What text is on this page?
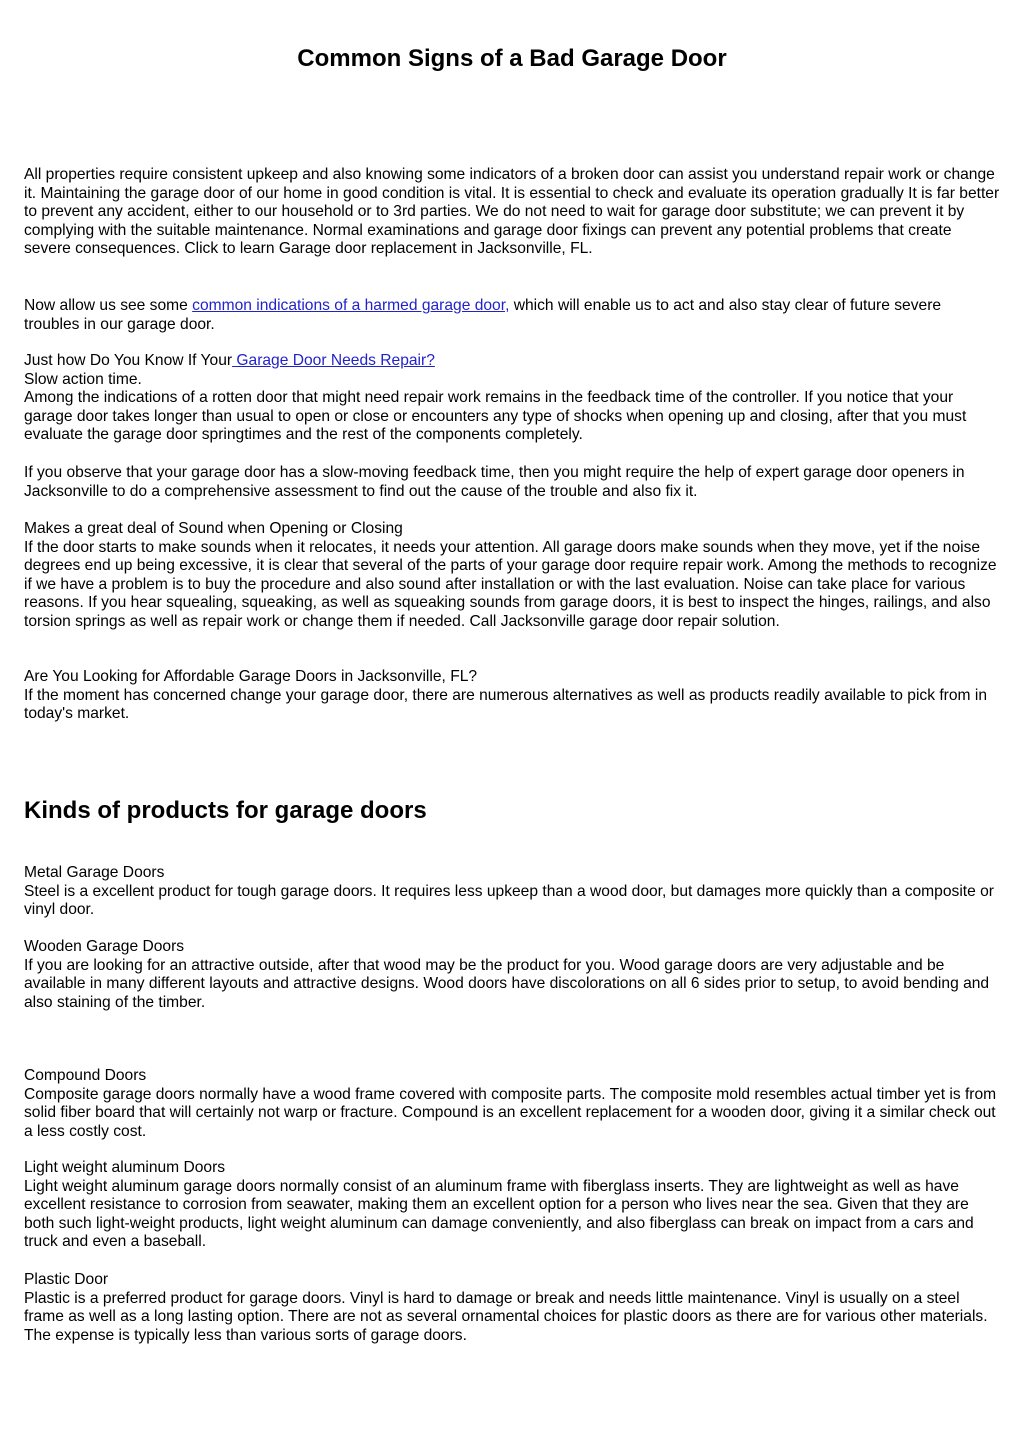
Common Signs of a Bad Garage Door

All properties require consistent upkeep and also knowing some indicators of a broken door can assist you understand repair work or change it. Maintaining the garage door of our home in good condition is vital. It is essential to check and evaluate its operation gradually It is far better to prevent any accident, either to our household or to 3rd parties. We do not need to wait for garage door substitute; we can prevent it by complying with the suitable maintenance. Normal examinations and garage door fixings can prevent any potential problems that create severe consequences. Click to learn Garage door replacement in Jacksonville, FL.

Now allow us see some common indications of a harmed garage door, which will enable us to act and also stay clear of future severe troubles in our garage door.

Just how Do You Know If Your Garage Door Needs Repair?

Slow action time.

Among the indications of a rotten door that might need repair work remains in the feedback time of the controller. If you notice that your garage door takes longer than usual to open or close or encounters any type of shocks when opening up and closing, after that you must evaluate the garage door springtimes and the rest of the components completely.

If you observe that your garage door has a slow-moving feedback time, then you might require the help of expert garage door openers in Jacksonville to do a comprehensive assessment to find out the cause of the trouble and also fix it.

Makes a great deal of Sound when Opening or Closing

If the door starts to make sounds when it relocates, it needs your attention. All garage doors make sounds when they move, yet if the noise degrees end up being excessive, it is clear that several of the parts of your garage door require repair work. Among the methods to recognize if we have a problem is to buy the procedure and also sound after installation or with the last evaluation. Noise can take place for various reasons. If you hear squealing, squeaking, as well as squeaking sounds from garage doors, it is best to inspect the hinges, railings, and also torsion springs as well as repair work or change them if needed. Call Jacksonville garage door repair solution.

Are You Looking for Affordable Garage Doors in Jacksonville, FL?

If the moment has concerned change your garage door, there are numerous alternatives as well as products readily available to pick from in today's market.

Kinds of products for garage doors

Metal Garage Doors

Steel is a excellent product for tough garage doors. It requires less upkeep than a wood door, but damages more quickly than a composite or vinyl door.

Wooden Garage Doors

If you are looking for an attractive outside, after that wood may be the product for you. Wood garage doors are very adjustable and be available in many different layouts and attractive designs. Wood doors have discolorations on all 6 sides prior to setup, to avoid bending and also staining of the timber.

Compound Doors

Composite garage doors normally have a wood frame covered with composite parts. The composite mold resembles actual timber yet is from solid fiber board that will certainly not warp or fracture. Compound is an excellent replacement for a wooden door, giving it a similar check out a less costly cost.

Light weight aluminum Doors

Light weight aluminum garage doors normally consist of an aluminum frame with fiberglass inserts. They are lightweight as well as have excellent resistance to corrosion from seawater, making them an excellent option for a person who lives near the sea. Given that they are both such light-weight products, light weight aluminum can damage conveniently, and also fiberglass can break on impact from a cars and truck and even a baseball.

Plastic Door

Plastic is a preferred product for garage doors. Vinyl is hard to damage or break and needs little maintenance. Vinyl is usually on a steel frame as well as a long lasting option. There are not as several ornamental choices for plastic doors as there are for various other materials. The expense is typically less than various sorts of garage doors.
